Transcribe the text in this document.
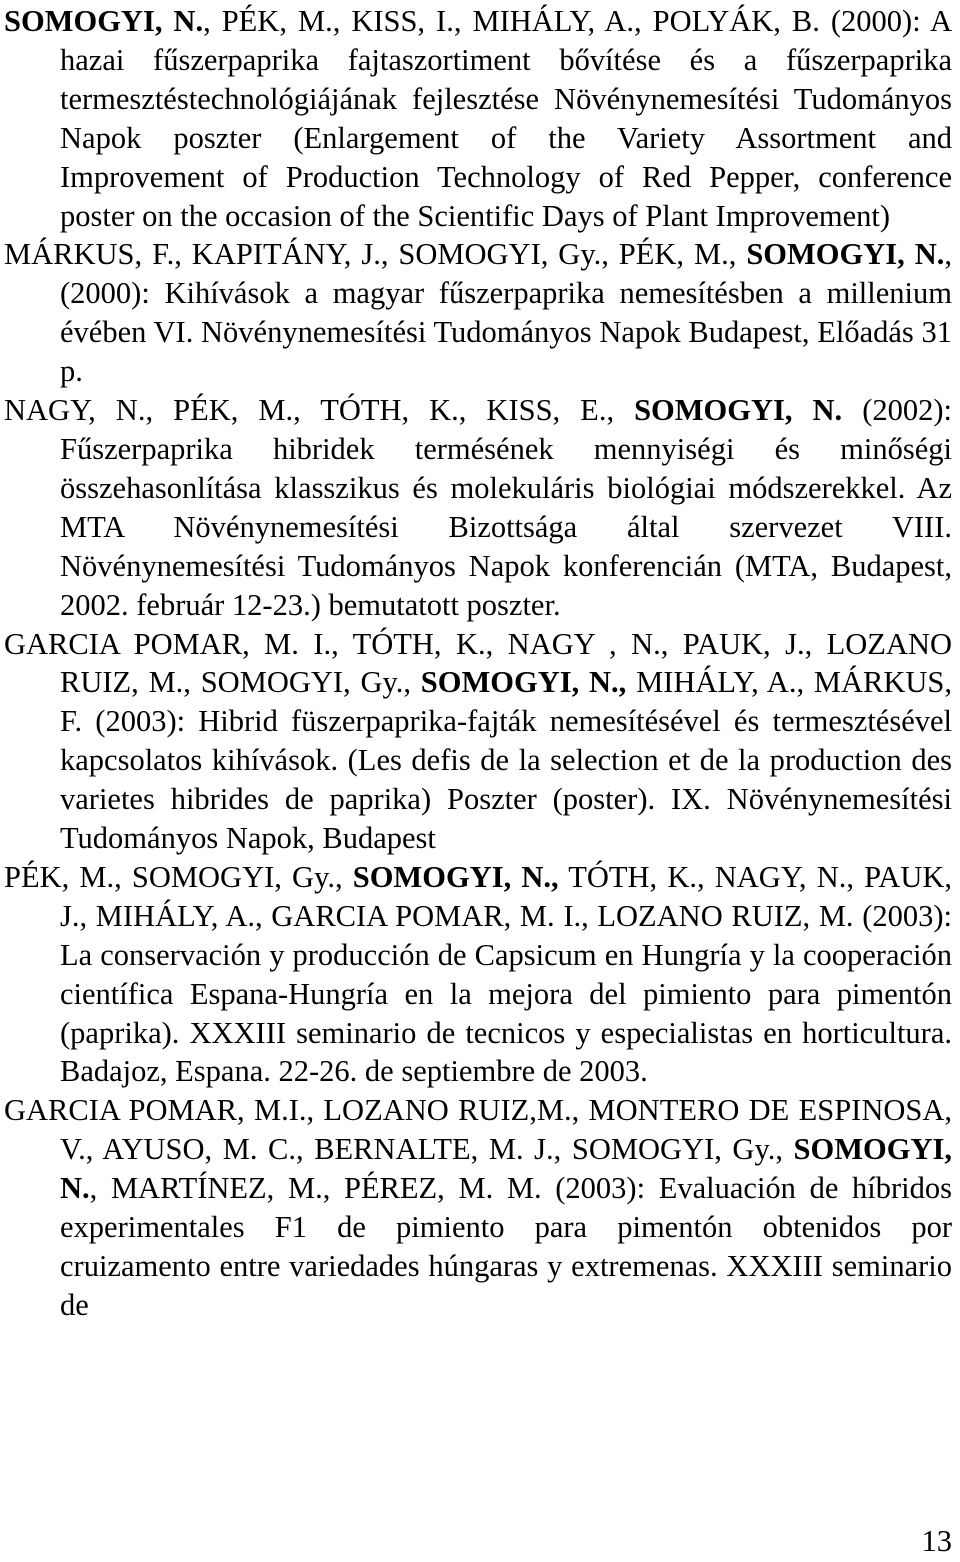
SOMOGYI, N., PÉK, M., KISS, I., MIHÁLY, A., POLYÁK, B. (2000): A hazai fűszerpaprika fajtaszortiment bővítése és a fűszerpaprika termesztéstechnológiájának fejlesztése Növénynemesítési Tudományos Napok poszter (Enlargement of the Variety Assortment and Improvement of Production Technology of Red Pepper, conference poster on the occasion of the Scientific Days of Plant Improvement)

MÁRKUS, F., KAPITÁNY, J., SOMOGYI, Gy., PÉK, M., SOMOGYI, N., (2000): Kihívások a magyar fűszerpaprika nemesítésben a millenium évében VI. Növénynemesítési Tudományos Napok Budapest, Előadás 31 p.

NAGY, N., PÉK, M., TÓTH, K., KISS, E., SOMOGYI, N. (2002): Fűszerpaprika hibridek termésének mennyiségi és minőségi összehasonlítása klasszikus és molekuláris biológiai módszerekkel. Az MTA Növénynemesítési Bizottsága által szervezet VIII. Növénynemesítési Tudományos Napok konferencián (MTA, Budapest, 2002. február 12-23.) bemutatott poszter.

GARCIA POMAR, M. I., TÓTH, K., NAGY , N., PAUK, J., LOZANO RUIZ, M., SOMOGYI, Gy., SOMOGYI, N., MIHÁLY, A., MÁRKUS, F. (2003): Hibrid füszerpaprika-fajták nemesítésével és termesztésével kapcsolatos kihívások. (Les defis de la selection et de la production des varietes hibrides de paprika) Poszter (poster). IX. Növénynemesítési Tudományos Napok, Budapest

PÉK, M., SOMOGYI, Gy., SOMOGYI, N., TÓTH, K., NAGY, N., PAUK, J., MIHÁLY, A., GARCIA POMAR, M. I., LOZANO RUIZ, M. (2003): La conservación y producción de Capsicum en Hungría y la cooperación científica Espana-Hungría en la mejora del pimiento para pimentón (paprika). XXXIII seminario de tecnicos y especialistas en horticultura. Badajoz, Espana. 22-26. de septiembre de 2003.

GARCIA POMAR, M.I., LOZANO RUIZ,M., MONTERO DE ESPINOSA, V., AYUSO, M. C., BERNALTE, M. J., SOMOGYI, Gy., SOMOGYI, N., MARTÍNEZ, M., PÉREZ, M. M. (2003): Evaluación de híbridos experimentales F1 de pimiento para pimentón obtenidos por cruizamento entre variedades húngaras y extremenas. XXXIII seminario de

13
